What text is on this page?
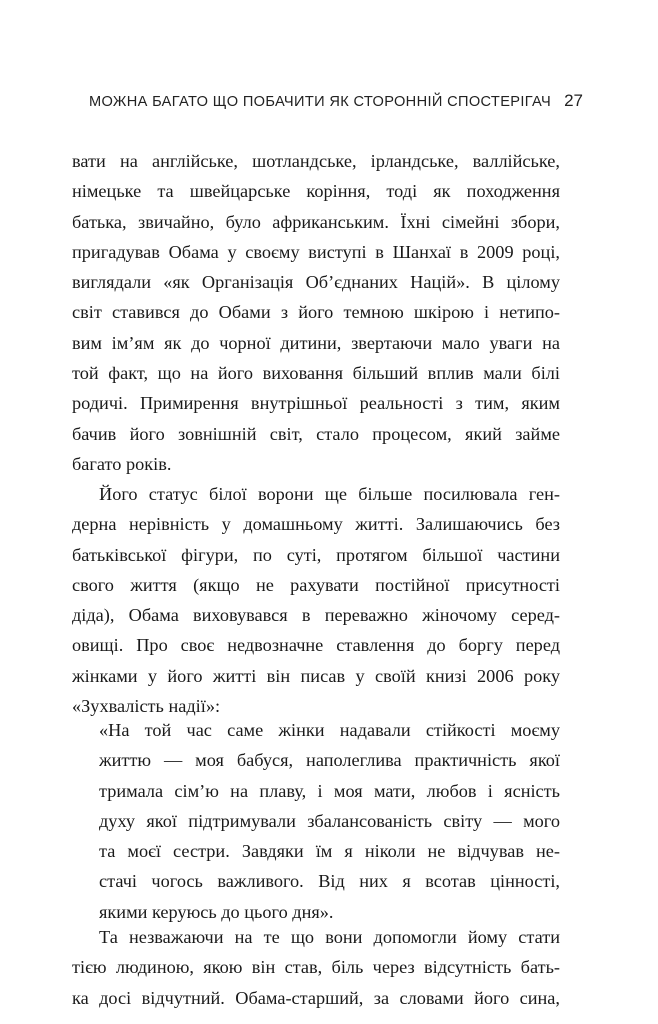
МОЖНА БАГАТО ЩО ПОБАЧИТИ ЯК СТОРОННІЙ СПОСТЕРІГАЧ 27
вати на англійське, шотландське, ірландське, валлійське,
німецьке та швейцарське коріння, тоді як походження
батька, звичайно, було африканським. Їхні сімейні збори,
пригадував Обама у своєму виступі в Шанхаї в 2009 році,
виглядали «як Організація Об’єднаних Націй». В цілому
світ ставився до Обами з його темною шкірою і нетипо-
вим ім’ям як до чорної дитини, звертаючи мало уваги на
той факт, що на його виховання більший вплив мали білі
родичі. Примирення внутрішньої реальності з тим, яким
бачив його зовнішній світ, стало процесом, який займе
багато років.
Його статус білої ворони ще більше посилювала ген-
дерна нерівність у домашньому житті. Залишаючись без
батьківської фігури, по суті, протягом більшої частини
свого життя (якщо не рахувати постійної присутності
діда), Обама виховувався в переважно жіночому серед-
овищі. Про своє недвозначне ставлення до боргу перед
жінками у його житті він писав у своїй книзі 2006 року
«Зухвалість надії»:
«На той час саме жінки надавали стійкості моєму
життю — моя бабуся, наполеглива практичність якої
тримала сім’ю на плаву, і моя мати, любов і ясність
духу якої підтримували збалансованість світу — мого
та моєї сестри. Завдяки їм я ніколи не відчував не-
стачі чогось важливого. Від них я всотав цінності,
якими керуюсь до цього дня».
Та незважаючи на те що вони допомогли йому стати
тією людиною, якою він став, біль через відсутність бать-
ка досі відчутний. Обама-старший, за словами його сина,
